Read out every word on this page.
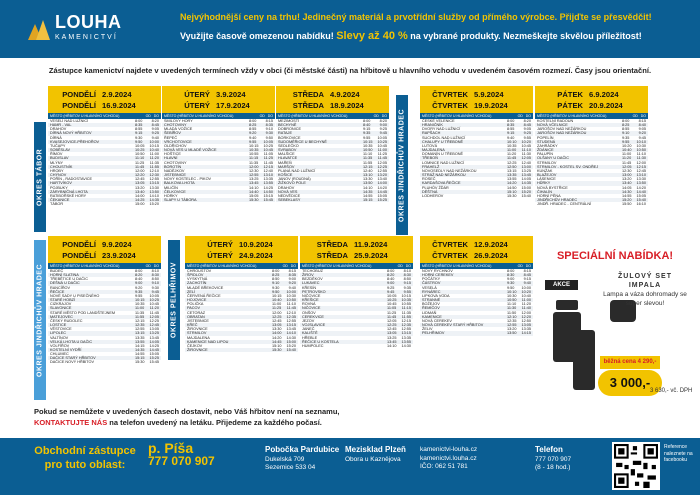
LOUHA
KAMENICTVÍ
Nejvýhodnější ceny na trhu! Jedinečný materiál a prvotřídní služby od přímého výrobce. Přijďte se přesvědčit!
Využijte časově omezenou nabídku! Slevy až 40 % na vybrané produkty. Nezmeškejte skvělou příležitost!
Zástupce kamenictví najdete v uvedených termínech vždy v obci (či městské části) na hřbitově u hlavního vchodu v uvedeném časovém rozmezí. Časy jsou orientační.
OKRES TÁBOR	OKRES JINDŘICHŮV HRADEC
OKRES JINDŘICHŮV HRADEC	OKRES PELHŘIMOV
PONDĚLÍ 2.9.2024
PONDĚLÍ 16.9.2024
MĚSTO (HŘBITOV U HLAVNÍHO VCHODU)	OD DO
VESELÍ NAD LUŽNICÍ	8:00 8:20
HAMR - VAL	8:35 8:45
DRAHOV	8:55 9:05
DÍRNÁ NOVÝ HŘBITOV	9:15 9:25
DÍRNÁ	9:30 9:40
KVASEJOVICE-PŘEHOŘOV	9:50 10:00
TUČAPY	10:05 10:15
SOBĚSLAV	10:25 10:40
ŘÍMOV	10:50 11:00
BUDISLAV	11:10 11:20
MLÝNY	11:25 11:35
CHOUSTNÍK	11:45 11:55
HROBY	12:00 12:10
CHÝNOV	12:20 12:30
POŘÍN - RADOSTAVICE	12:45 12:55
HARTVÍKOV	13:05 13:15
POJBUKY	13:20 13:30
ZÁRYBNÍČNÁ LHOTA	13:40 13:50
RATIBOŘSKÉ HORY	14:00 14:10
ČEKANICE	14:25 14:35
TÁBOR	15:00 15:20
ÚTERÝ 3.9.2024
ÚTERÝ 17.9.2024
MĚSTO (HŘBITOV U HLAVNÍHO VCHODU)	OD DO
SMILOVY HORY	8:00 8:15
CHOTOVINY	8:25 8:35
MLADÁ VOŽICE	8:55 9:10
ŠEBÍŘOV	9:20 9:30
ŘEPEČ	9:40 9:50
VRCHOTOVICE	9:55 10:05
OLDŘICHOV	10:15 10:25
NOVÁ VES U MLADÉ VOŽICE	10:35 10:45
HOŠTICE	10:55 11:05
HLAVNÍ	11:15 11:25
CHOTOVINY	11:35 11:45
BOROTÍN	12:00 12:15
NADĚJKOV	12:30 12:40
JISTEBNICE	12:55 13:10
NOVÝ KOSTELEC - PIKOV	13:25 13:35
BALKOVA LHOTA	13:45 13:55
MILIČÍN	14:10 14:25
ČELKOVICE	14:40 14:50
HORKY	15:05 15:15
SLAPY U TÁBORA	15:30 15:45
STŘEDA 4.9.2024
STŘEDA 18.9.2024
MĚSTO (HŘBITOV U HLAVNÍHO VCHODU)	OD DO
MEZIMOSTÍ	8:00 8:20
BECHYNĚ	8:40 9:00
DOBRONICE	9:15 9:25
RATAJE	9:35 9:45
BORKOVICE	9:55 10:05
SUDOMĚŘICE U BECHYNĚ	10:15 10:25
SEDLEČKO	10:35 10:45
SVRABOV	10:50 11:00
MALŠICE	11:10 11:25
HLAVATCE	11:35 11:45
MAŘEŇ	11:55 12:05
MARŠOV	12:15 12:25
PLANÁ NAD LUŽNICÍ	12:40 12:55
KOŠICE	13:10 13:20
JANOV (ROUDNÁ)	13:30 13:40
ŽIŽKOVO POLE	13:50 14:00
DRAHOV	14:10 14:20
NOVÁ VES	14:35 14:45
NEDVĚDICE	14:55 15:05
SEBEKLASY	15:15 15:25
ČTVRTEK 5.9.2024
ČTVRTEK 19.9.2024
MĚSTO (HŘBITOV U HLAVNÍHO VCHODU)	OD DO
ČESKÉ VELENICE	8:00 8:20
HRANIČNÍK	8:35 8:45
DVORY NAD LUŽNICÍ	8:55 9:05
RAPŠACH	9:15 9:25
SUCHDOL NAD LUŽNICÍ	9:40 9:55
CHALUPY U TŘEBONĚ	10:10 10:20
LUTOVÁ	10:35 10:45
MAJDALENA	11:00 11:10
DOMANÍN U TŘEBONĚ	11:20 11:30
TŘEBOŇ	11:45 12:05
LOMNICE NAD LUŽNICÍ	12:25 12:40
FRAHELŽ	12:50 13:00
NOVOSEDLY NAD NEŽÁRKOU	13:15 13:25
STRÁŽ NAD NEŽÁRKOU	13:35 13:45
ROSEČ	13:55 14:05
KARDAŠOVA ŘEČICE	14:20 14:35
PLUHŮV ŽĎÁR	14:50 15:00
DĚŠTNÁ	15:10 15:20
LODHEROV	15:30 15:40
PÁTEK 6.9.2024
PÁTEK 20.9.2024
MĚSTO (HŘBITOV U HLAVNÍHO VCHODU)	OD DO
KOSTELNÍ RADOUN	8:00 8:15
NOVÁ VČELNICE	8:25 8:40
JAROŠOV NAD NEŽÁRKOU	8:55 9:05
JAROŠOV NAD NEŽÁRKOU	9:10 9:20
POPELÍN	9:35 9:45
STUDENÁ	9:55 10:10
ZAHRÁDKY	10:20 10:30
ŽDÁNICE	10:40 10:50
PALUPÍN	11:00 11:10
OLŠANY U DAČIC	11:20 11:30
STRMILOV	11:45 12:00
STRMILOV - KOSTEL SV. ONDŘEJ	12:05 12:15
KUNŽAK	12:30 12:45
BLAŽEJOV	13:00 13:10
LÁSENICE	13:20 13:30
HŮRKY	13:40 13:50
NOVÁ BYSTŘICE	14:05 14:20
ČIHALÍN	14:30 14:40
HORNÍ PĚNA	14:55 15:05
JINDŘICHŮV HRADEC	15:20 15:40
JINDŘ. HRADEC - CENTRÁLNÍ	15:50 16:10
PONDĚLÍ 9.9.2024
PONDĚLÍ 23.9.2024
MĚSTO (HŘBITOV U HLAVNÍHO VCHODU)	OD DO
BUDEČ	8:00 8:10
HORNÍ SLATINA	8:20 8:30
TŘEBĚTICE U DAČIC	8:40 8:50
DEŠNÁ U DAČIC	9:00 9:10
RANCÍŘOV	9:20 9:30
ŘEČICE	9:35 9:45
NOVÉ SADY U PISEČNÉHO	9:55 10:05
STARÉ HOBZÍ	10:15 10:25
CIZKRAJOV	10:35 10:45
SLAVONICE	11:00 11:20
STARÉ MĚSTO POD LANDŠTEJNEM	11:35 11:45
MATEJOVEC	11:55 12:05
ČESKÝ RUDOLEC	12:15 12:25
LOSTICE	12:35 12:45
VĚSTOVICE	12:55 13:05
LIPOLEC	13:15 13:25
VALTÍNOV	13:35 13:45
VELKÁ LHOTA U DAČIC	13:55 14:05
VOLFÍŘOV	14:15 14:25
KOSTELNÍ VYDŘÍ	14:35 14:45
CHLUMEC	14:55 15:05
DAČICE STARÝ HŘBITOV	15:15 15:25
DAČICE NOVÝ HŘBITOV	15:30 15:45
ÚTERÝ 10.9.2024
ÚTERÝ 24.9.2024
MĚSTO (HŘBITOV U HLAVNÍHO VCHODU)	OD DO
CHROUSTOV	8:00 8:15
ŠPIDLOV	8:25 8:35
VYSKYTNÁ	8:50 9:00
ZACHOTÍN	9:10 9:20
MLADÉ BŘEKOVICE	9:30 9:40
ZELÍ	9:50 10:00
ČERVENÁ ŘEČICE	10:15 10:30
HOJOVICE	10:40 10:50
POLIČKA	11:00 11:10
PACOV	11:25 11:45
CETORAZ	12:00 12:10
OBRATAN	12:25 12:35
JISTEBNICE	12:45 12:55
KŘEČ	13:05 13:15
ŽIROVNICE	13:30 13:45
STRMILOV	14:00 14:10
MAJDALENA	14:20 14:30
KAMENICE NAD LIPOU	14:45 15:00
ČEJKOV	15:10 15:20
ŽIROVNICE	15:30 15:40
STŘEDA 11.9.2024
STŘEDA 25.9.2024
MĚSTO (HŘBITOV U HLAVNÍHO VCHODU)	OD DO
TECHOBUZ	8:00 8:10
ŽIROV	8:20 8:30
BEZDĚKOV	8:40 8:50
LUKAVEC	9:00 9:15
KŘESÍN	9:25 9:35
PETROVSKO	9:45 9:55
NIČOVICE	10:05 10:15
KŘEŠICE	10:25 10:35
ROVNÁ	10:45 10:55
NIČOVICE	11:05 11:15
ONŠOV	11:25 11:35
CEREKVICE	11:45 11:55
JEZOV	12:05 12:15
VOJSLAVICE	12:25 12:35
JANEČ	12:45 12:55
KALIŠTĚ	13:05 13:15
HŘEBLE	13:25 13:35
ŘEČICE U KOSTELA	13:45 13:55
HUMPOLEC	14:10 14:30
ČTVRTEK 12.9.2024
ČTVRTEK 26.9.2024
MĚSTO (HŘBITOV U HLAVNÍHO VCHODU)	OD DO
NOVÝ RYCHNOV	8:00 8:15
HORNÍ CEREKEV	8:30 8:45
POČÁTKY	9:00 9:15
ČÁSTROV	9:30 9:40
VESELÁ	9:50 10:00
RYNÁREC	10:10 10:20
LIPKOVA VODA	10:30 10:40
STRANNÉ	10:50 11:00
BOŽEJOV	11:10 11:20
ŘEMÍČOV	11:30 11:40
LIDMAŇ	11:50 12:00
KAMENICE	12:10 12:20
NOVÁ CEREKEV	12:35 12:50
NOVÁ CEREKEV STARÝ HŘBITOV	12:55 13:05
ŽELIV	13:20 13:35
PELHŘIMOV	13:50 14:15
SPECIÁLNÍ NABÍDKA!
AKCE
ŽULOVÝ SET
IMPALA
Lampa a váza dohromady se super slevou!
běžná cena 4 290,-
3 000,-
3 630,- vč. DPH
Pokud se nemůžete v uvedených časech dostavit, nebo Váš hřbitov není na seznamu,
KONTAKTUJTE NÁS na telefon uvedený na letáku. Přijedeme za každého počasí.
Obchodní zástupce pro tuto oblast:
p. Píša
777 070 907
Pobočka Pardubice
Dukelská 709
Sezemice 533 04
Mezisklad Plzeň
Obora u Kaznějova
kamenictvi-louha.cz
kamenictvi.louha.cz
IČO: 062 51 781
Telefon
777 070 907
(8 - 18 hod.)
Reference naleznete na facebooku
